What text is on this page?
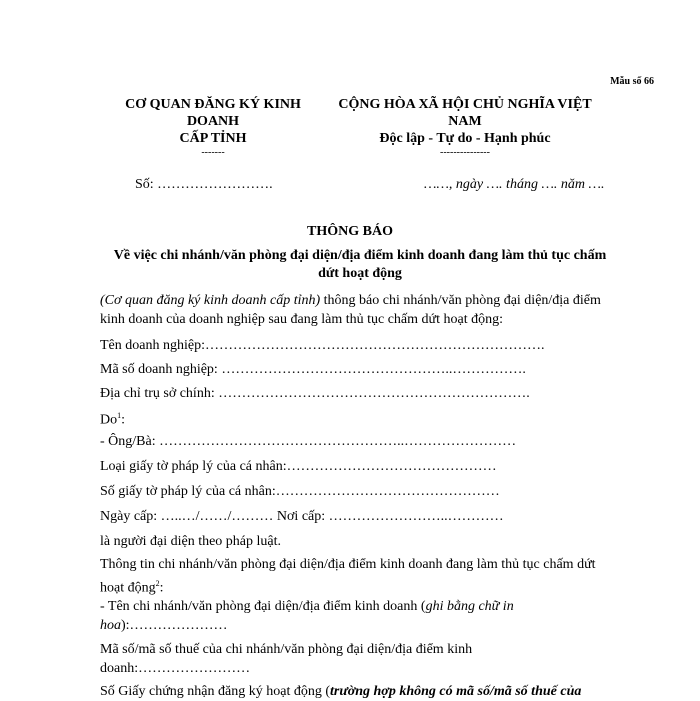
Mẫu số 66
CƠ QUAN ĐĂNG KÝ KINH DOANH
CẤP TỈNH
-------
CỘNG HÒA XÃ HỘI CHỦ NGHĨA VIỆT NAM
Độc lập - Tự do - Hạnh phúc
---------------
Số: …………………….	……, ngày …. tháng …. năm ….
THÔNG BÁO
Về việc chi nhánh/văn phòng đại diện/địa điểm kinh doanh đang làm thủ tục chấm dứt hoạt động
(Cơ quan đăng ký kinh doanh cấp tỉnh) thông báo chi nhánh/văn phòng đại diện/địa điểm kinh doanh của doanh nghiệp sau đang làm thủ tục chấm dứt hoạt động:
Tên doanh nghiệp:……………………………………………………………….
Mã số doanh nghiệp: …………………………………………..…………….
Địa chỉ trụ sở chính: ………………………………………………………….
Do$^1$:
- Ông/Bà: ……………………………………………..……………………
Loại giấy tờ pháp lý của cá nhân:………………………………………
Số giấy tờ pháp lý của cá nhân:…………………………………………
Ngày cấp: …..…/……/……… Nơi cấp: ……………………..…………
là người đại diện theo pháp luật.
Thông tin chi nhánh/văn phòng đại diện/địa điểm kinh doanh đang làm thủ tục chấm dứt hoạt động$^2$:
- Tên chi nhánh/văn phòng đại diện/địa điểm kinh doanh (ghi bằng chữ in hoa):…………………
Mã số/mã số thuế của chi nhánh/văn phòng đại diện/địa điểm kinh doanh:……………………
Số Giấy chứng nhận đăng ký hoạt động (trường hợp không có mã số/mã số thuế của
